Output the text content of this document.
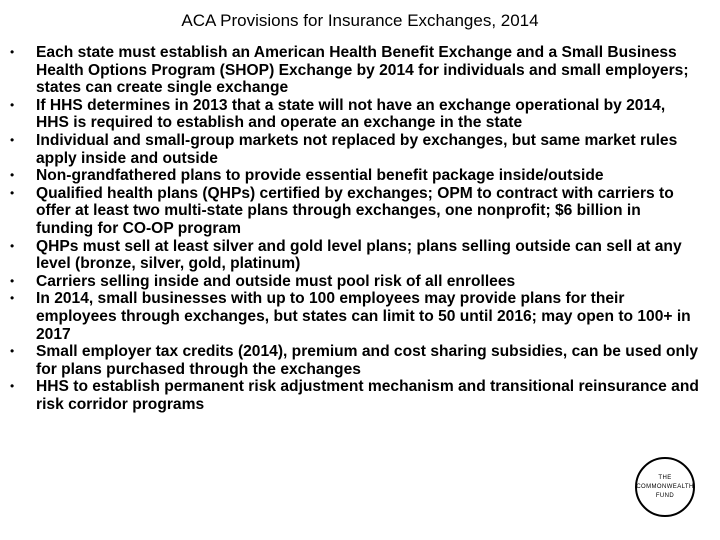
ACA Provisions for Insurance Exchanges, 2014
• Each state must establish an American Health Benefit Exchange and a Small Business Health Options Program (SHOP) Exchange by 2014 for individuals and small employers; states can create single exchange
• If HHS determines in 2013 that a state will not have an exchange operational by 2014, HHS is required to establish and operate an exchange in the state
• Individual and small-group markets not replaced by exchanges, but same market rules apply inside and outside
• Non-grandfathered plans to provide essential benefit package inside/outside
• Qualified health plans (QHPs) certified by exchanges; OPM to contract with carriers to offer at least two multi-state plans through exchanges, one nonprofit; $6 billion in funding for CO-OP program
• QHPs must sell at least silver and gold level plans; plans selling outside can sell at any level (bronze, silver, gold, platinum)
• Carriers selling inside and outside must pool risk of all enrollees
• In 2014, small businesses with up to 100 employees may provide plans for their employees through exchanges, but states can limit to 50 until 2016; may open to 100+ in 2017
• Small employer tax credits (2014), premium and cost sharing subsidies, can be used only for plans purchased through the exchanges
• HHS to establish permanent risk adjustment mechanism and transitional reinsurance and risk corridor programs
THE
COMMONWEALTH
FUND
